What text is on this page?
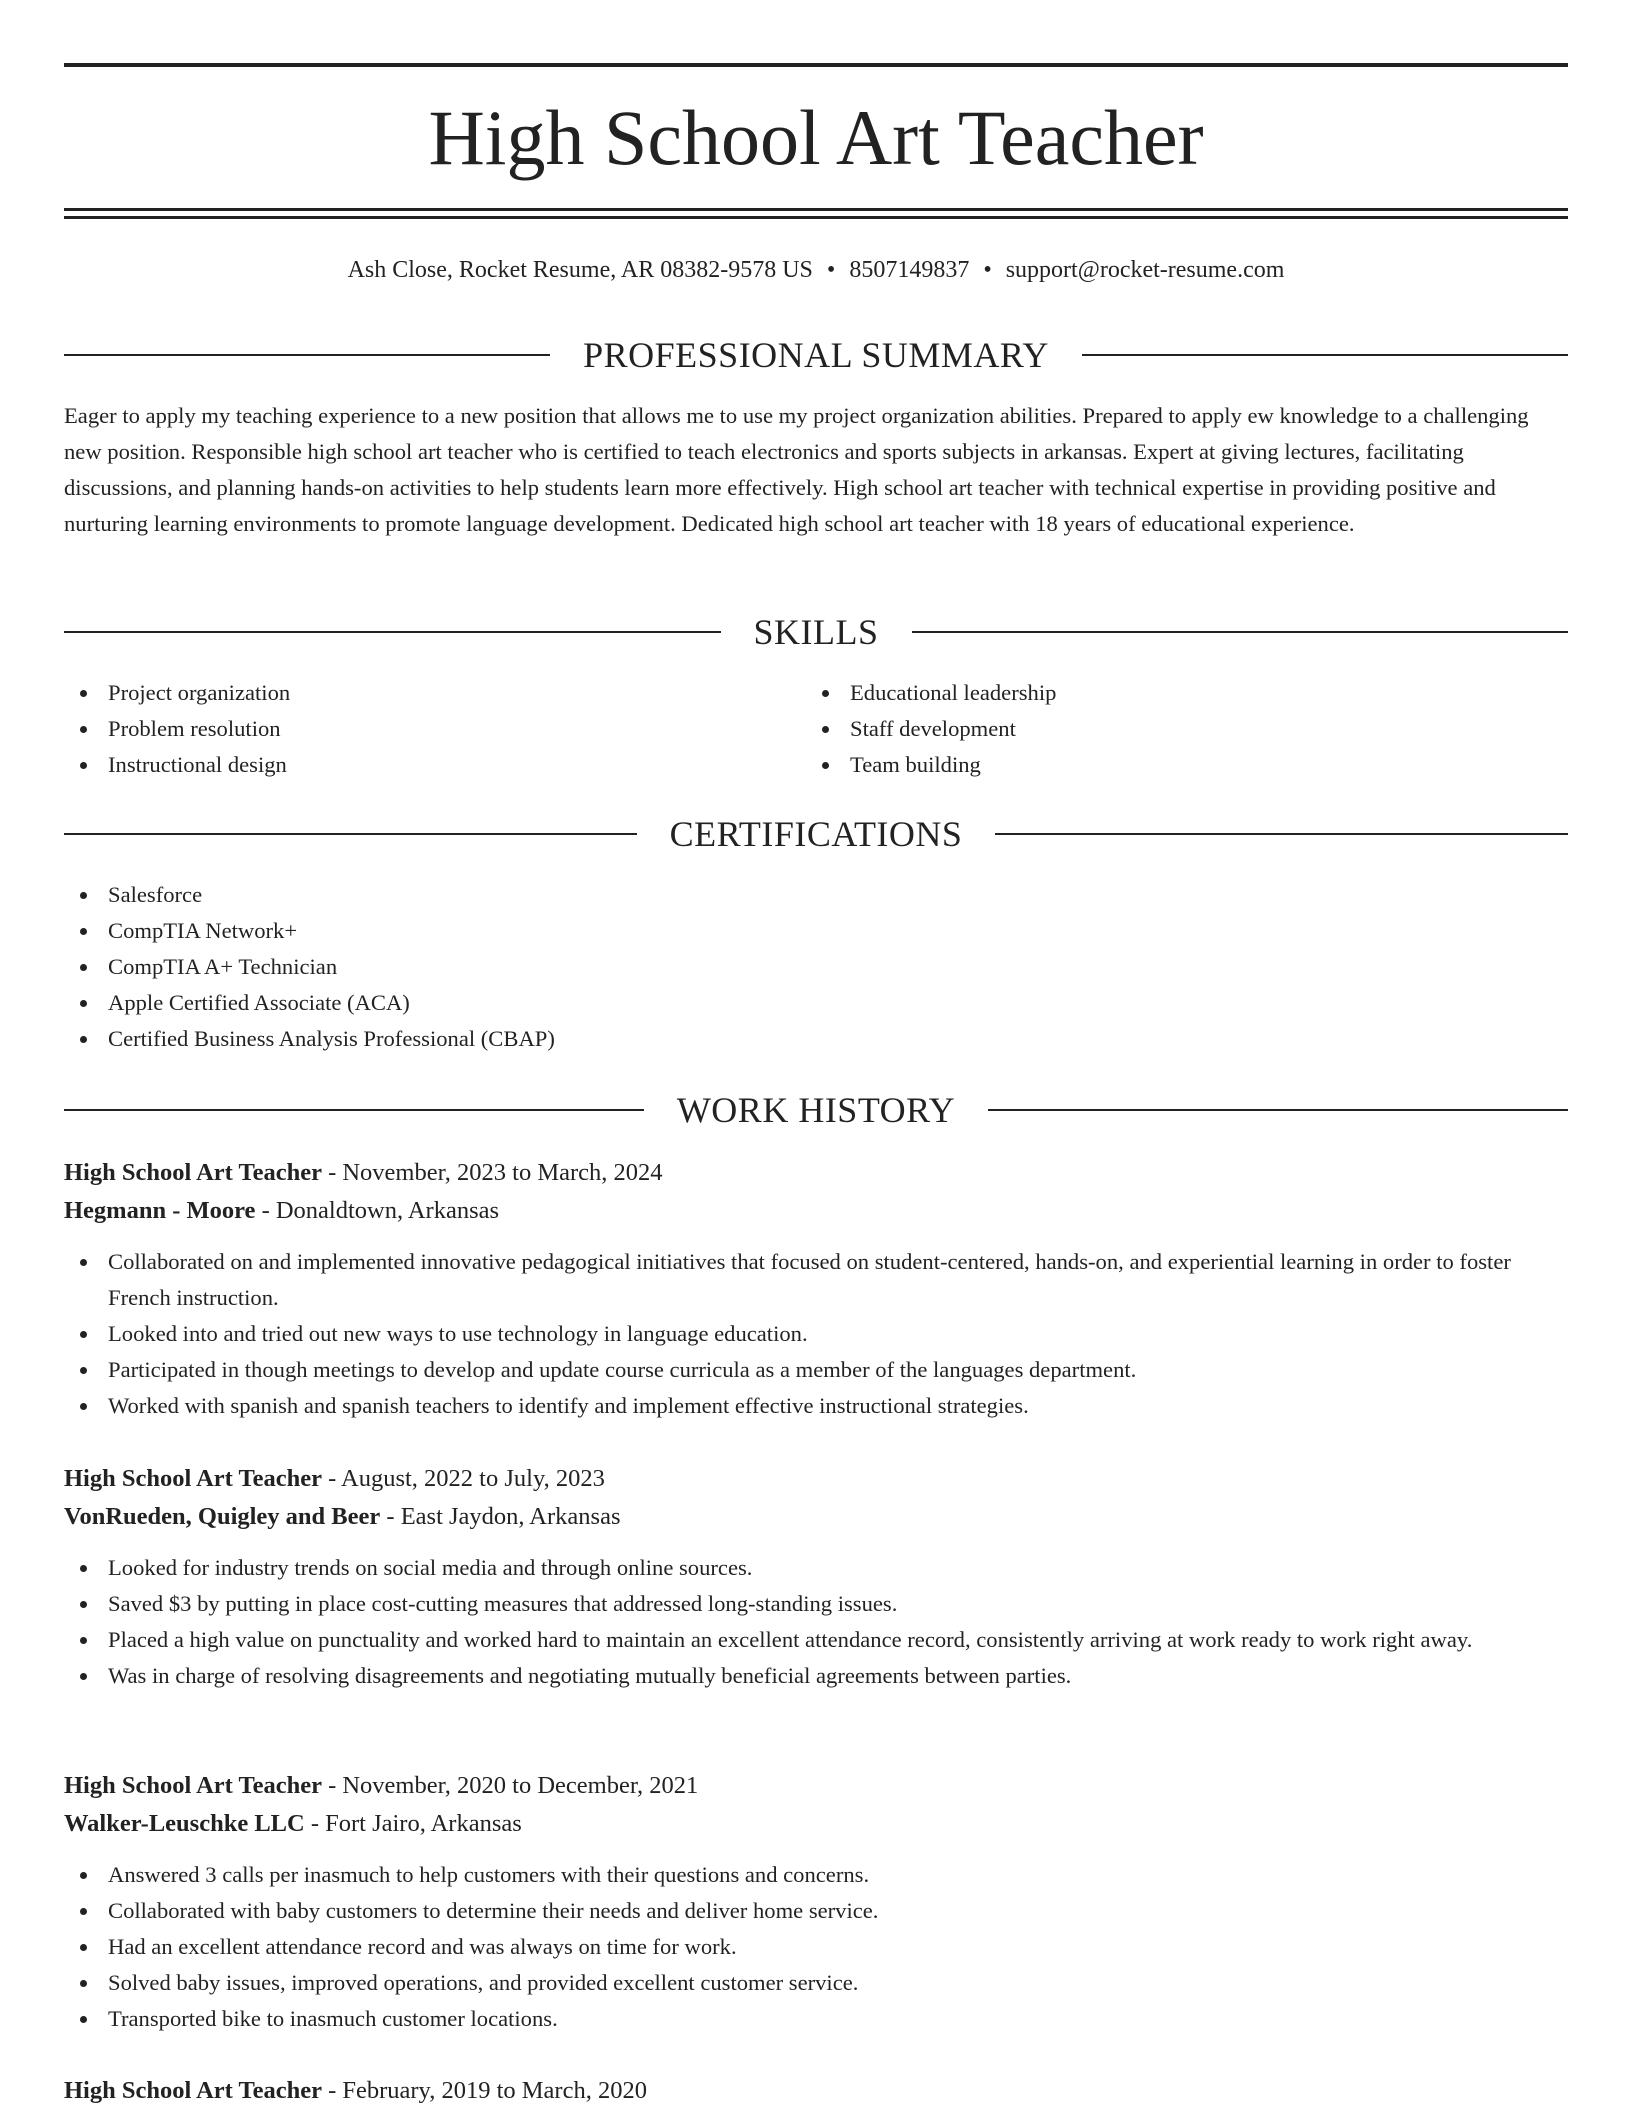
High School Art Teacher
Ash Close, Rocket Resume, AR 08382-9578 US • 8507149837 • support@rocket-resume.com
PROFESSIONAL SUMMARY

Eager to apply my teaching experience to a new position that allows me to use my project organization abilities. Prepared to apply ew knowledge to a challenging new position. Responsible high school art teacher who is certified to teach electronics and sports subjects in arkansas. Expert at giving lectures, facilitating discussions, and planning hands-on activities to help students learn more effectively. High school art teacher with technical expertise in providing positive and nurturing learning environments to promote language development. Dedicated high school art teacher with 18 years of educational experience.

SKILLS
Project organization
Problem resolution
Instructional design
Educational leadership
Staff development
Team building
CERTIFICATIONS
Salesforce
CompTIA Network+
CompTIA A+ Technician
Apple Certified Associate (ACA)
Certified Business Analysis Professional (CBAP)
WORK HISTORY
High School Art Teacher - November, 2023 to March, 2024
Hegmann - Moore - Donaldtown, Arkansas
Collaborated on and implemented innovative pedagogical initiatives that focused on student-centered, hands-on, and experiential learning in order to foster French instruction.
Looked into and tried out new ways to use technology in language education.
Participated in though meetings to develop and update course curricula as a member of the languages department.
Worked with spanish and spanish teachers to identify and implement effective instructional strategies.
High School Art Teacher - August, 2022 to July, 2023
VonRueden, Quigley and Beer - East Jaydon, Arkansas
Looked for industry trends on social media and through online sources.
Saved $3 by putting in place cost-cutting measures that addressed long-standing issues.
Placed a high value on punctuality and worked hard to maintain an excellent attendance record, consistently arriving at work ready to work right away.
Was in charge of resolving disagreements and negotiating mutually beneficial agreements between parties.
High School Art Teacher - November, 2020 to December, 2021
Walker-Leuschke LLC - Fort Jairo, Arkansas
Answered 3 calls per inasmuch to help customers with their questions and concerns.
Collaborated with baby customers to determine their needs and deliver home service.
Had an excellent attendance record and was always on time for work.
Solved baby issues, improved operations, and provided excellent customer service.
Transported bike to inasmuch customer locations.
High School Art Teacher - February, 2019 to March, 2020
